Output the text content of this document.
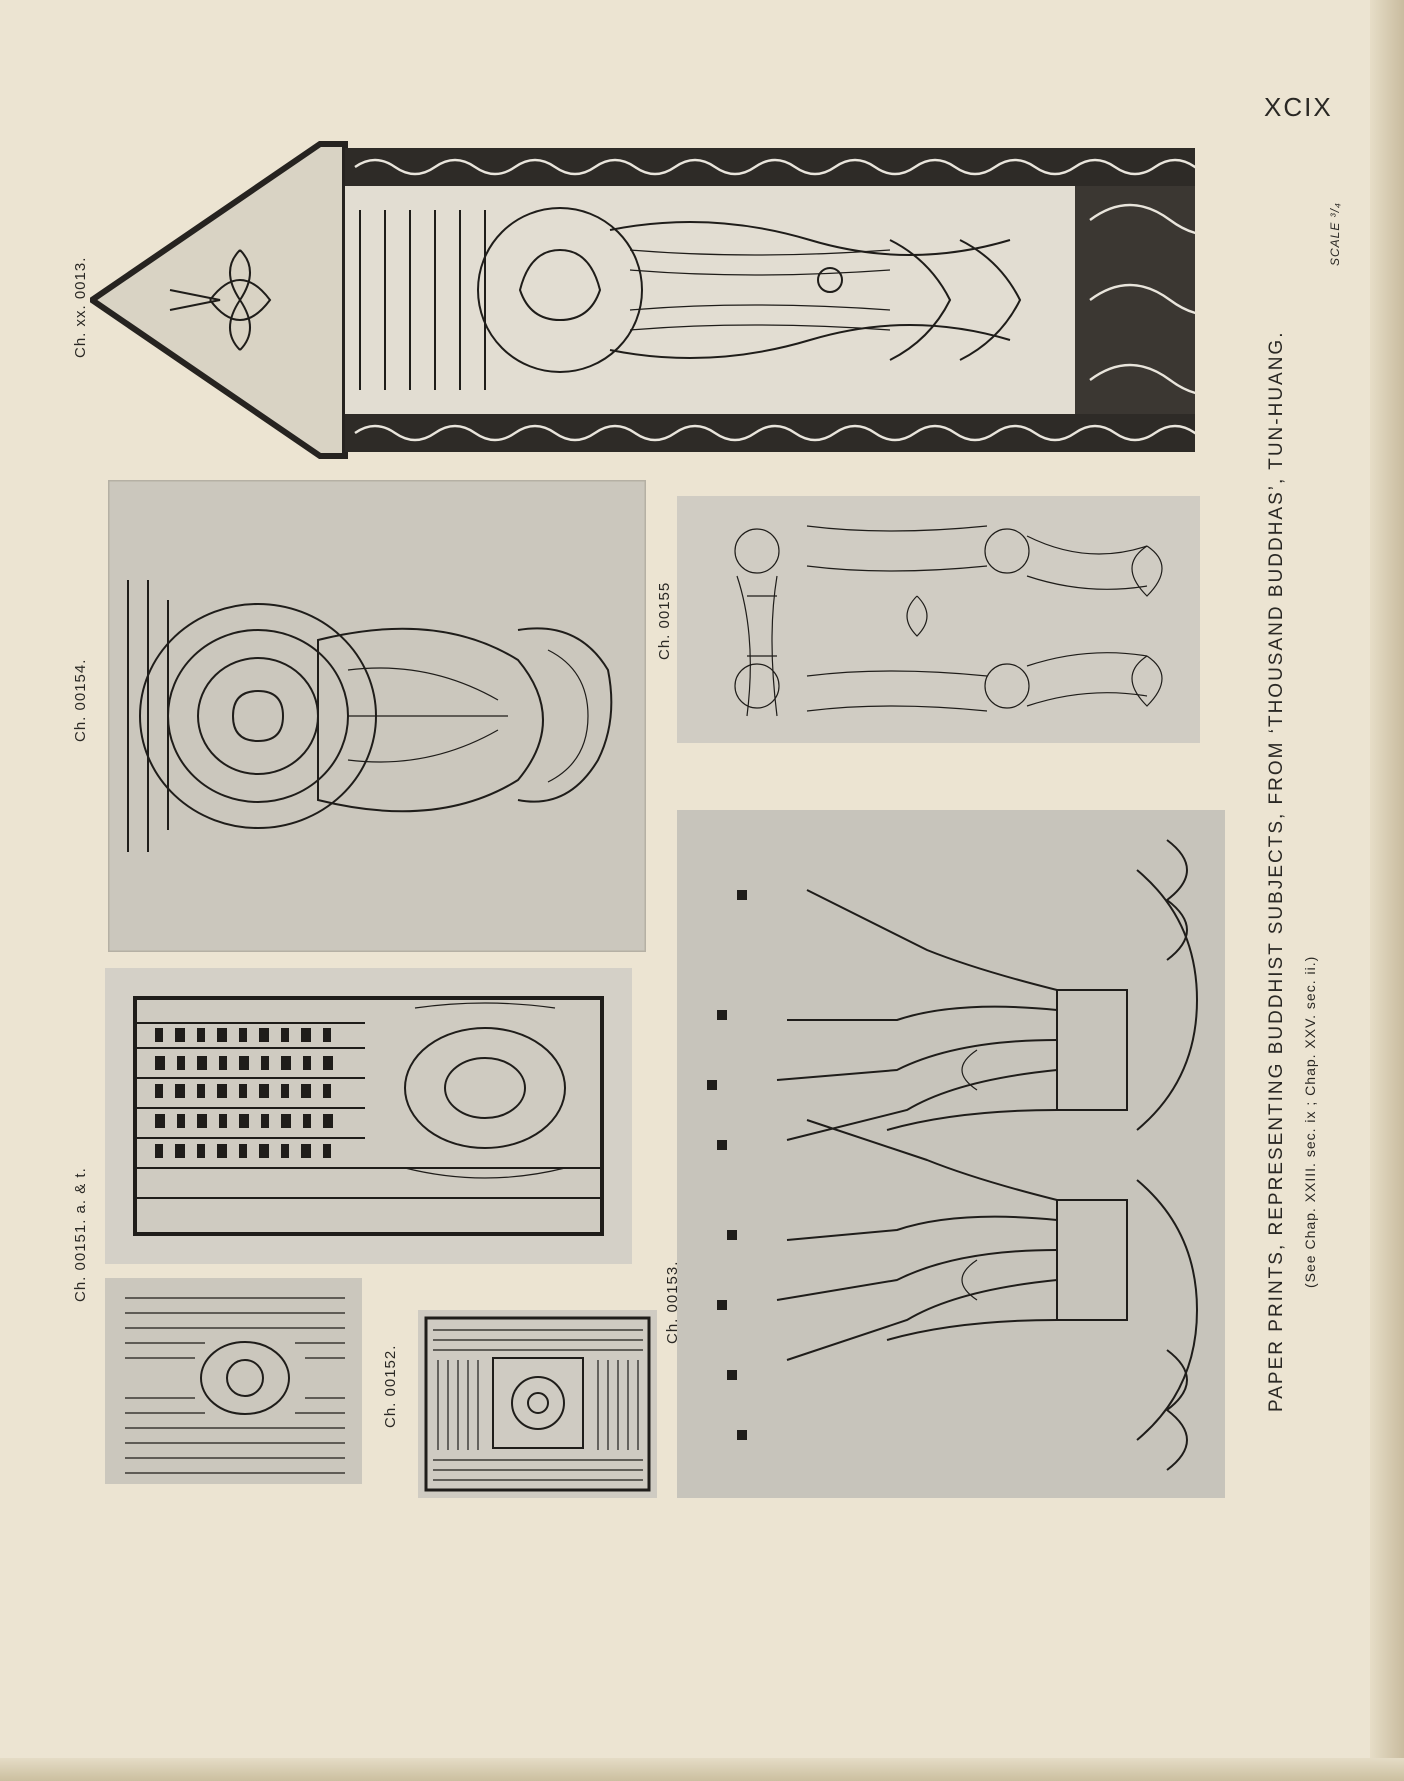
XCIX
Ch. xx. 0013.
Ch. 00154.
Ch. 00155
Ch. 00151. a. & t.
Ch. 00152.
Ch. 00153.	PAPER PRINTS, REPRESENTING BUDDHIST SUBJECTS, FROM ‘THOUSAND BUDDHAS’, TUN-HUANG. (See Chap. XXIII. sec. ix ; Chap. XXV. sec. ii.)
SCALE ³/₄
